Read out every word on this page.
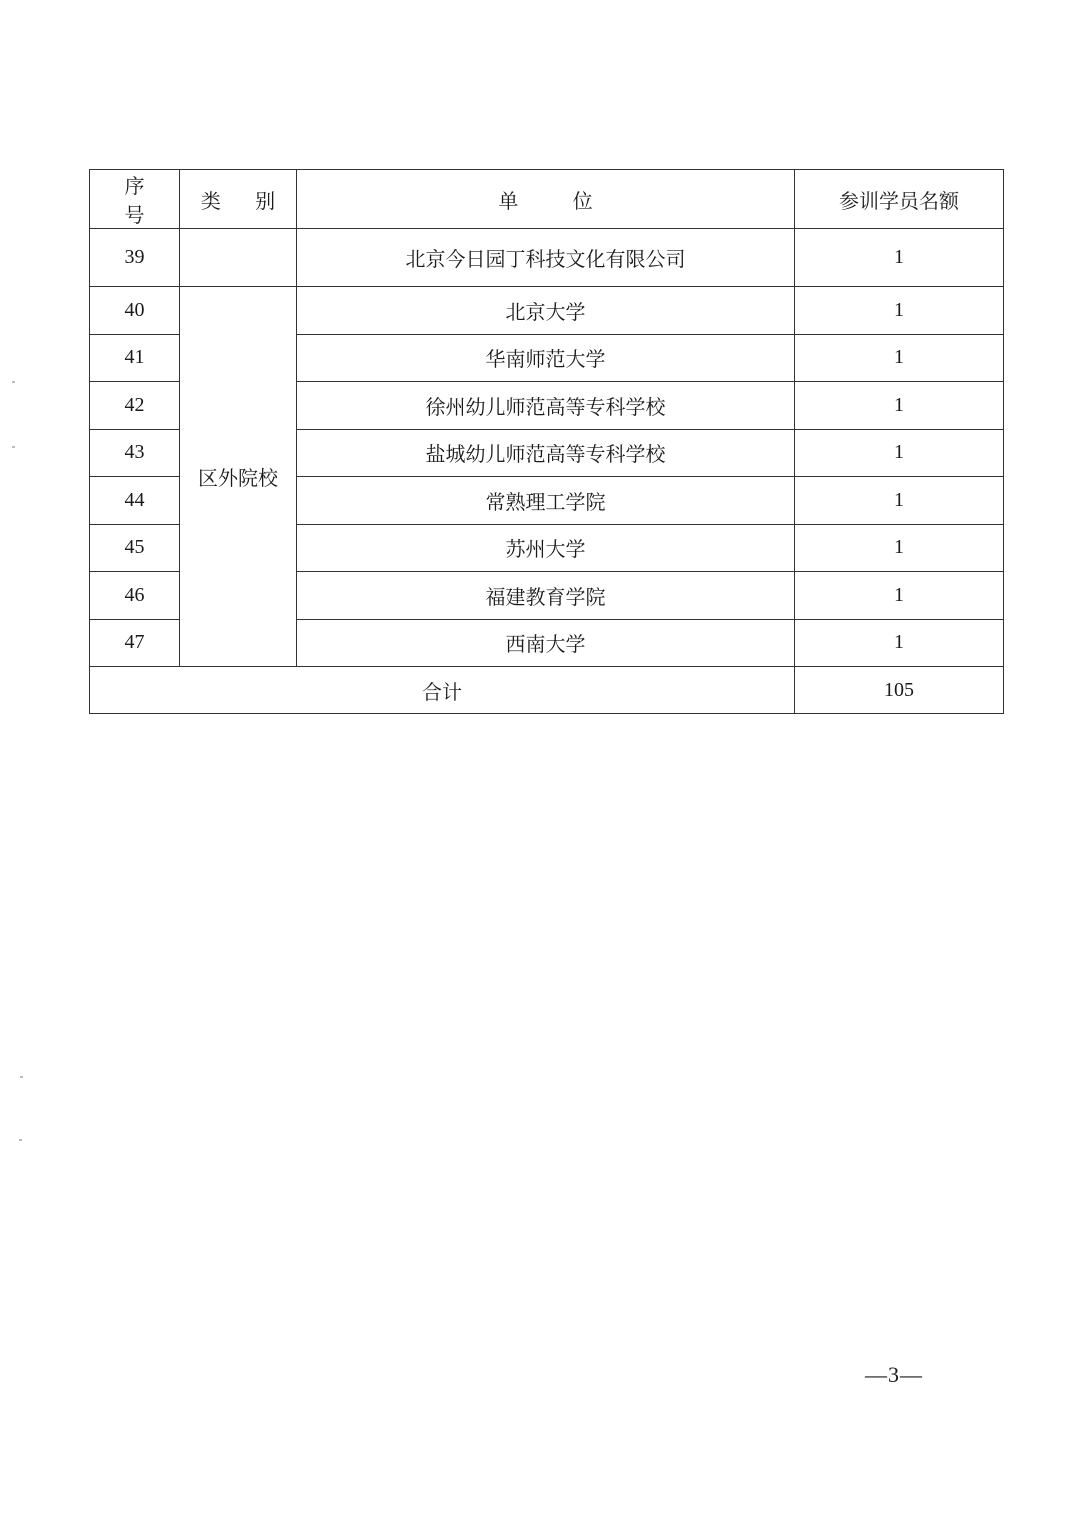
序 号	类 别	单 位	参训学员名额
39		北京今日园丁科技文化有限公司	1
40	区外院校	北京大学	1
41		华南师范大学	1
42		徐州幼儿师范高等专科学校	1
43		盐城幼儿师范高等专科学校	1
44		常熟理工学院	1
45		苏州大学	1
46		福建教育学院	1
47		西南大学	1
合计			105
—3—
